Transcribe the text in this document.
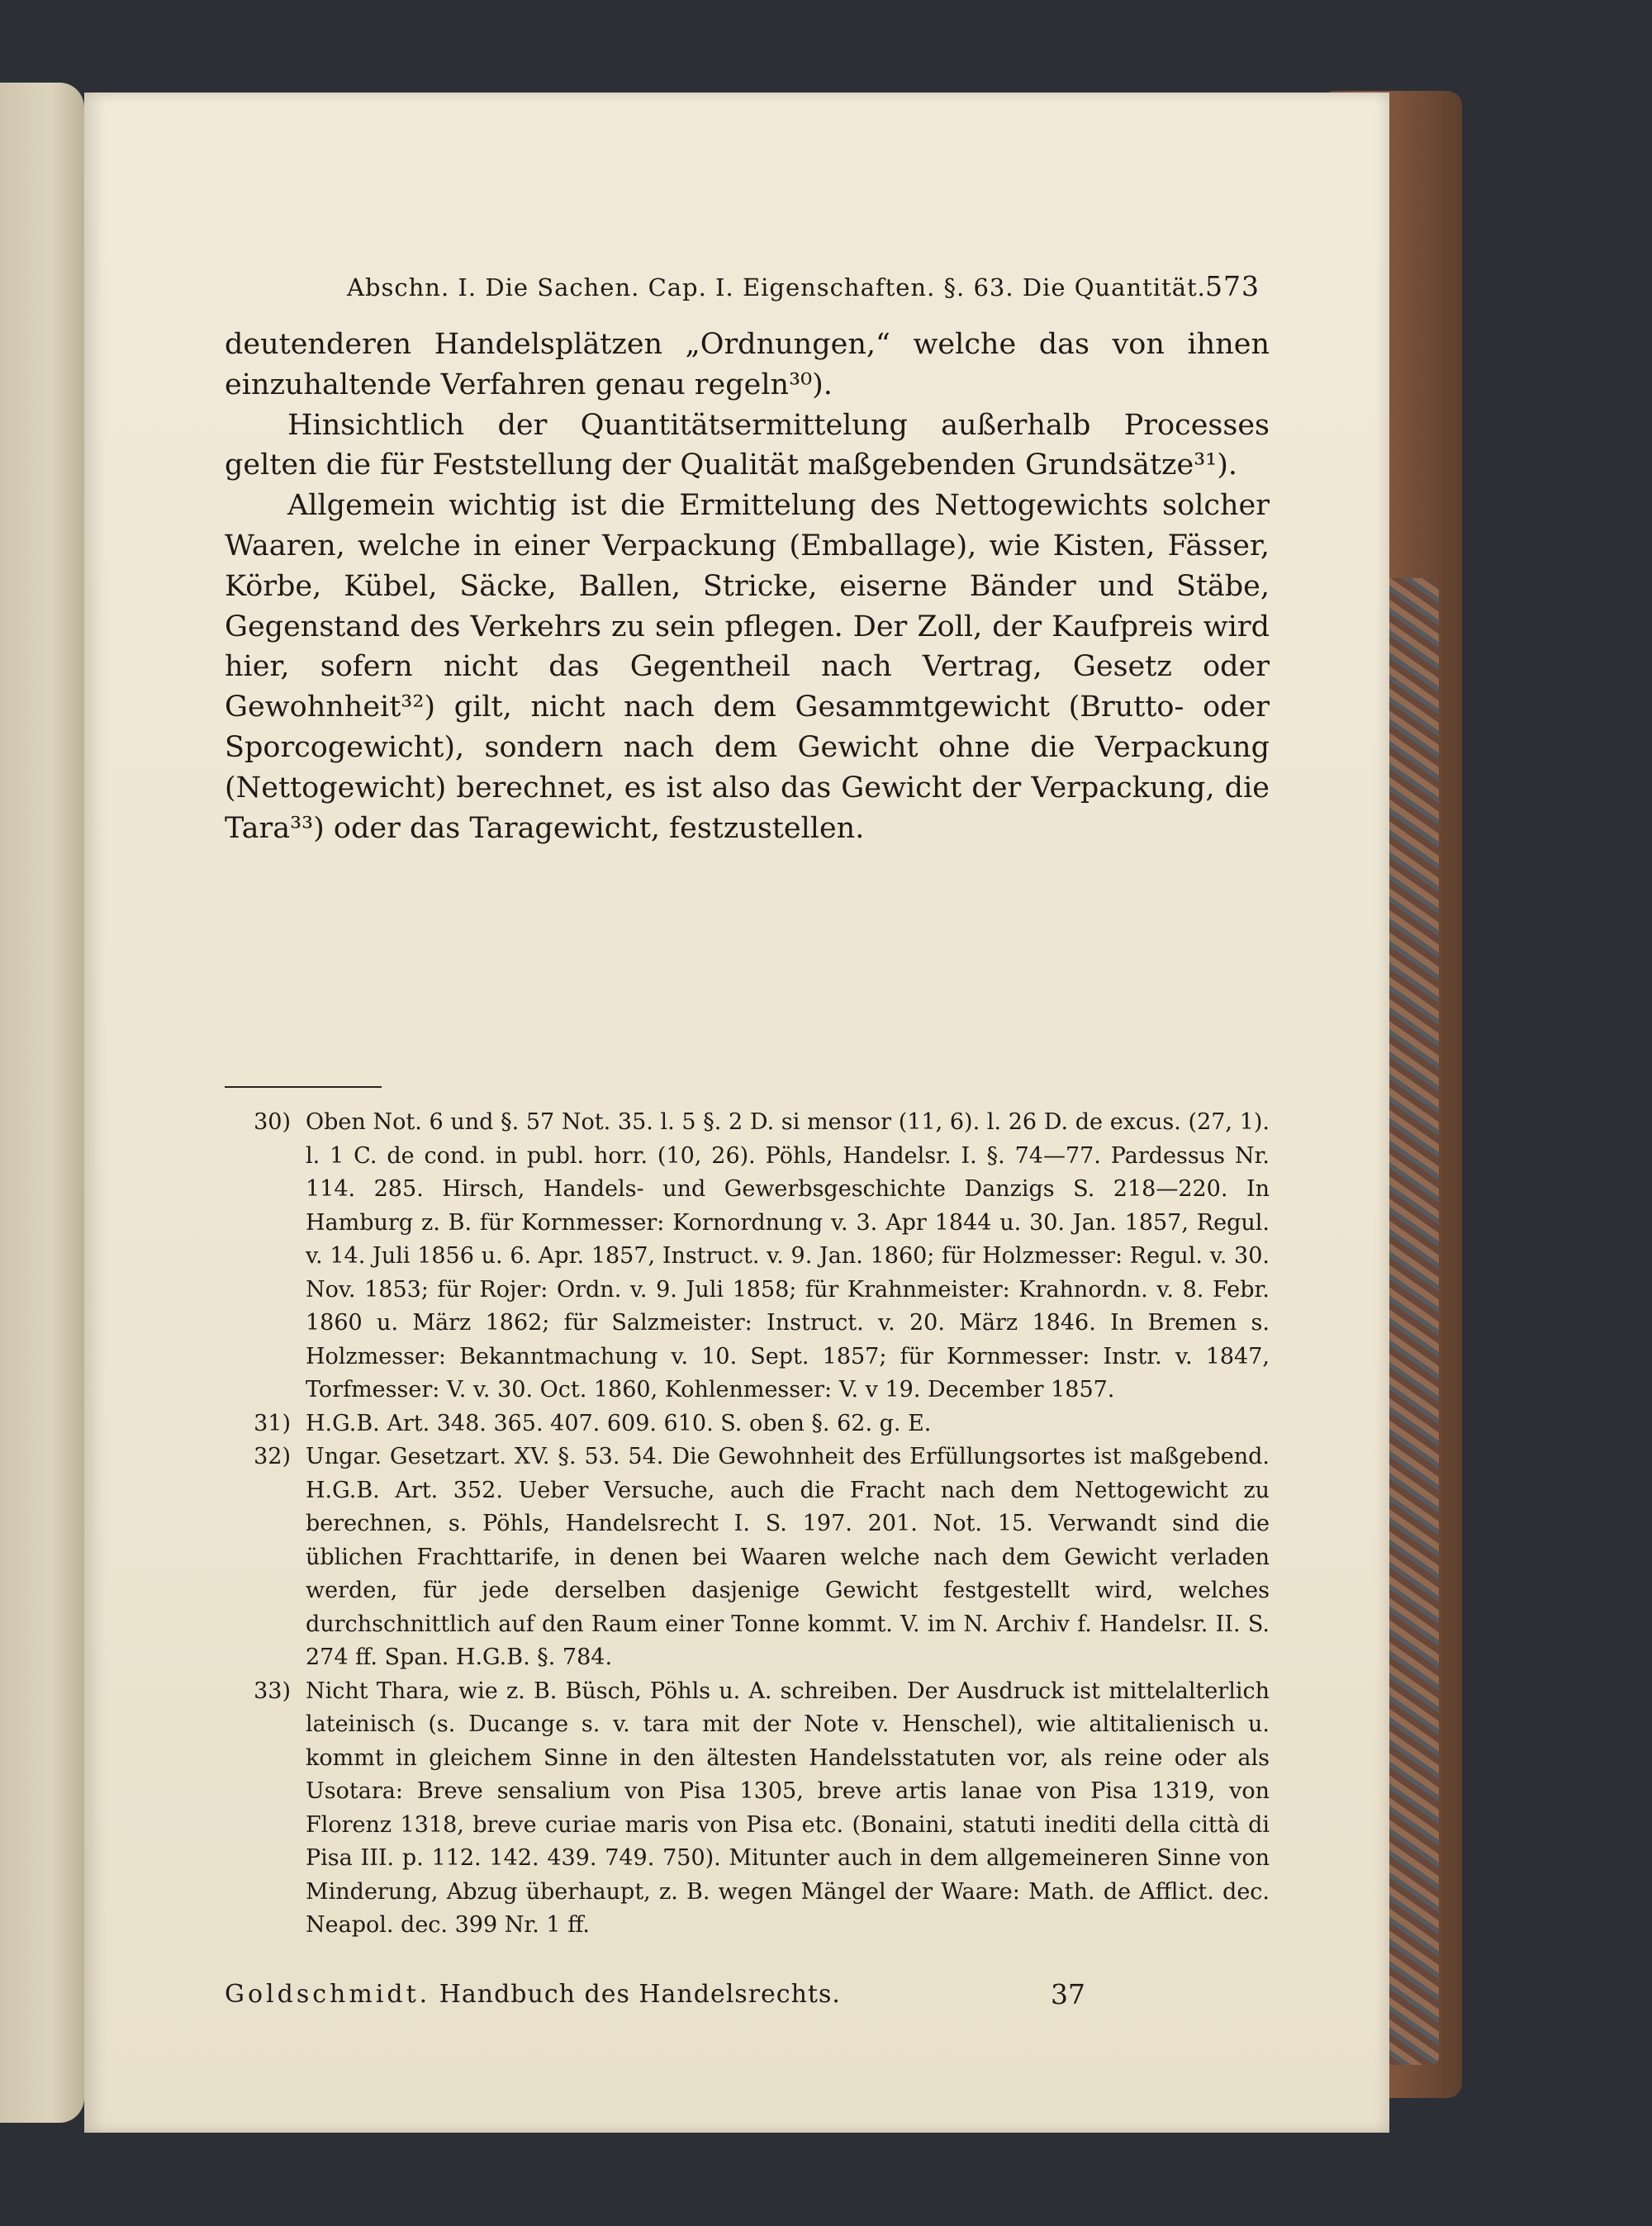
Abschn. I. Die Sachen. Cap. I. Eigenschaften. §. 63. Die Quantität. 573

deutenderen Handelsplätzen „Ordnungen,“ welche das von ihnen einzuhaltende Verfahren genau regeln³⁰).

Hinsichtlich der Quantitätsermittelung außerhalb Processes gelten die für Feststellung der Qualität maßgebenden Grundsätze³¹).

Allgemein wichtig ist die Ermittelung des Nettogewichts solcher Waaren, welche in einer Verpackung (Emballage), wie Kisten, Fässer, Körbe, Kübel, Säcke, Ballen, Stricke, eiserne Bänder und Stäbe, Gegenstand des Verkehrs zu sein pflegen. Der Zoll, der Kaufpreis wird hier, sofern nicht das Gegentheil nach Vertrag, Gesetz oder Gewohnheit³²) gilt, nicht nach dem Gesammtgewicht (Brutto- oder Sporcogewicht), sondern nach dem Gewicht ohne die Verpackung (Nettogewicht) berechnet, es ist also das Gewicht der Verpackung, die Tara³³) oder das Taragewicht, festzustellen.

30) Oben Not. 6 und §. 57 Not. 35. l. 5 §. 2 D. si mensor (11, 6). l. 26 D. de excus. (27, 1). l. 1 C. de cond. in publ. horr. (10, 26). Pöhls, Handelsr. I. §. 74—77. Pardessus Nr. 114. 285. Hirsch, Handels- und Gewerbsgeschichte Danzigs S. 218—220. In Hamburg z. B. für Kornmesser: Kornordnung v. 3. Apr 1844 u. 30. Jan. 1857, Regul. v. 14. Juli 1856 u. 6. Apr. 1857, Instruct. v. 9. Jan. 1860; für Holzmesser: Regul. v. 30. Nov. 1853; für Rojer: Ordn. v. 9. Juli 1858; für Krahnmeister: Krahnordn. v. 8. Febr. 1860 u. März 1862; für Salzmeister: Instruct. v. 20. März 1846. In Bremen s. Holzmesser: Bekanntmachung v. 10. Sept. 1857; für Kornmesser: Instr. v. 1847, Torfmesser: V. v. 30. Oct. 1860, Kohlenmesser: V. v 19. December 1857.
31) H.G.B. Art. 348. 365. 407. 609. 610. S. oben §. 62. g. E.
32) Ungar. Gesetzart. XV. §. 53. 54. Die Gewohnheit des Erfüllungsortes ist maßgebend. H.G.B. Art. 352. Ueber Versuche, auch die Fracht nach dem Nettogewicht zu berechnen, s. Pöhls, Handelsrecht I. S. 197. 201. Not. 15. Verwandt sind die üblichen Frachttarife, in denen bei Waaren welche nach dem Gewicht verladen werden, für jede derselben dasjenige Gewicht festgestellt wird, welches durchschnittlich auf den Raum einer Tonne kommt. V. im N. Archiv f. Handelsr. II. S. 274 ff. Span. H.G.B. §. 784.
33) Nicht Thara, wie z. B. Büsch, Pöhls u. A. schreiben. Der Ausdruck ist mittelalterlich lateinisch (s. Ducange s. v. tara mit der Note v. Henschel), wie altitalienisch u. kommt in gleichem Sinne in den ältesten Handelsstatuten vor, als reine oder als Usotara: Breve sensalium von Pisa 1305, breve artis lanae von Pisa 1319, von Florenz 1318, breve curiae maris von Pisa etc. (Bonaini, statuti inediti della città di Pisa III. p. 112. 142. 439. 749. 750). Mitunter auch in dem allgemeineren Sinne von Minderung, Abzug überhaupt, z. B. wegen Mängel der Waare: Math. de Afflict. dec. Neapol. dec. 399 Nr. 1 ff.
Goldschmidt. Handbuch des Handelsrechts.	37
